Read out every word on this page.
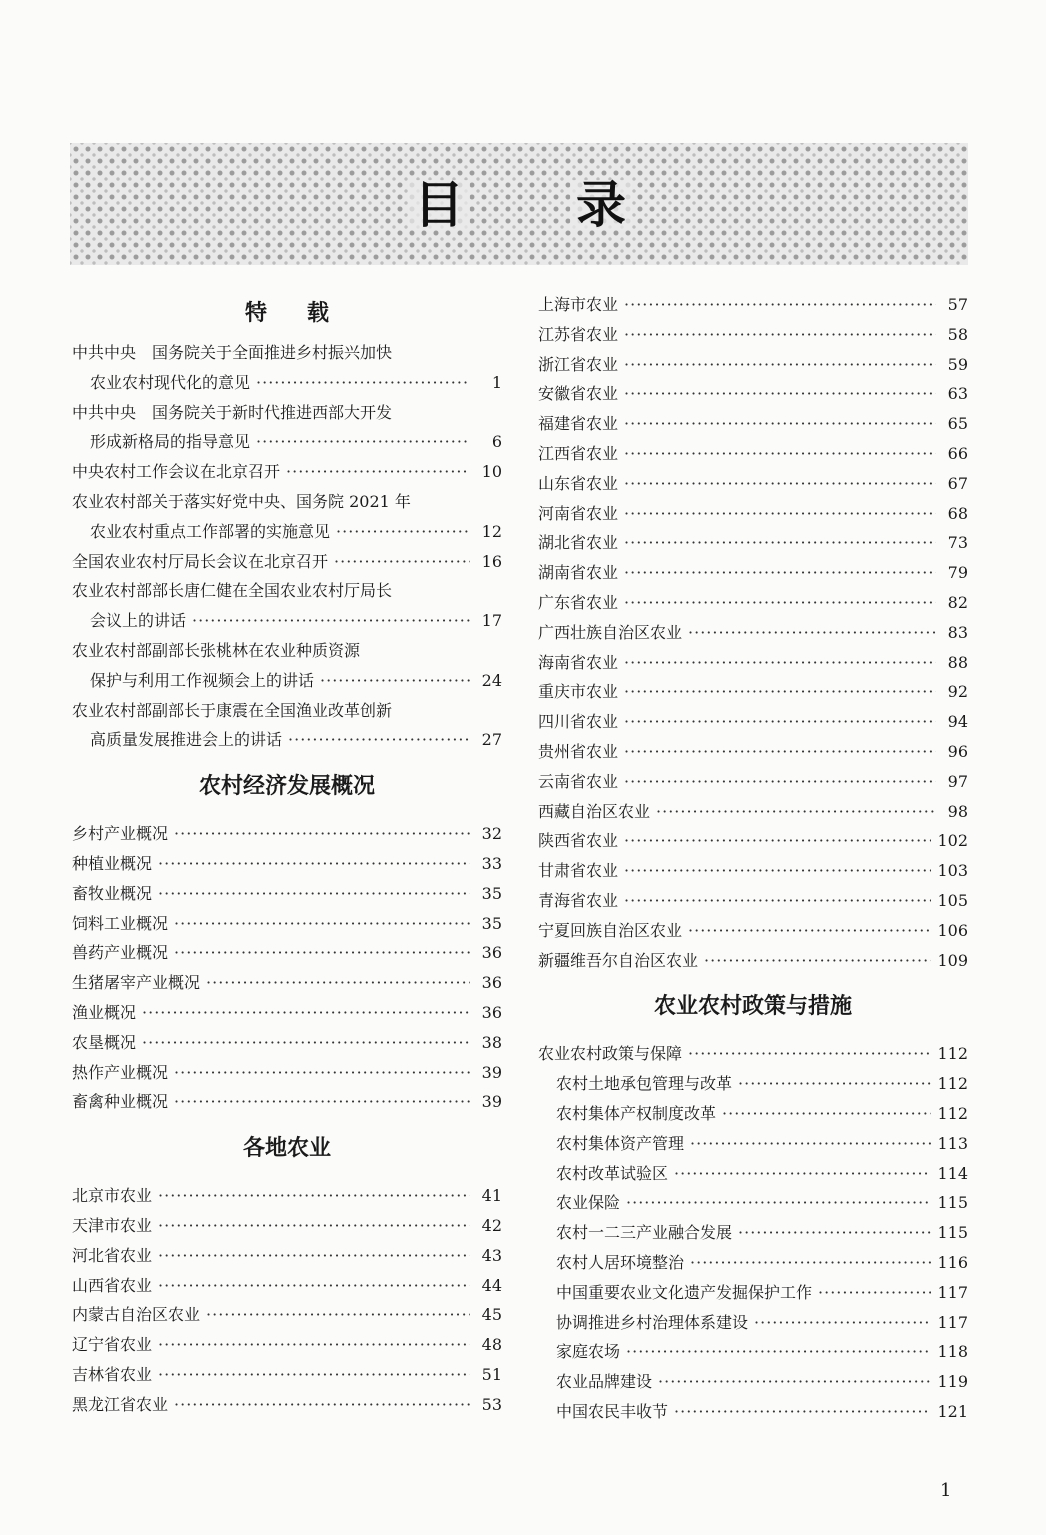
目 录
特载
中共中央　国务院关于全面推进乡村振兴加快
农业农村现代化的意见 ·····	1
中共中央　国务院关于新时代推进西部大开发
形成新格局的指导意见 ·····	6
中央农村工作会议在北京召开 ·····	10
农业农村部关于落实好党中央、国务院 2021 年
农业农村重点工作部署的实施意见 ·····	12
全国农业农村厅局长会议在北京召开 ·····	16
农业农村部部长唐仁健在全国农业农村厅局长
会议上的讲话 ·····	17
农业农村部副部长张桃林在农业种质资源
保护与利用工作视频会上的讲话 ·····	24
农业农村部副部长于康震在全国渔业改革创新
高质量发展推进会上的讲话 ·····	27
农村经济发展概况
乡村产业概况 ·····	32
种植业概况 ·····	33
畜牧业概况 ·····	35
饲料工业概况 ·····	35
兽药产业概况 ·····	36
生猪屠宰产业概况 ·····	36
渔业概况 ·····	36
农垦概况 ·····	38
热作产业概况 ·····	39
畜禽种业概况 ·····	39
各地农业
北京市农业 ·····	41
天津市农业 ·····	42
河北省农业 ·····	43
山西省农业 ·····	44
内蒙古自治区农业 ·····	45
辽宁省农业 ·····	48
吉林省农业 ·····	51
黑龙江省农业 ·····	53
上海市农业 ·····	57
江苏省农业 ·····	58
浙江省农业 ·····	59
安徽省农业 ·····	63
福建省农业 ·····	65
江西省农业 ·····	66
山东省农业 ·····	67
河南省农业 ·····	68
湖北省农业 ·····	73
湖南省农业 ·····	79
广东省农业 ·····	82
广西壮族自治区农业 ·····	83
海南省农业 ·····	88
重庆市农业 ·····	92
四川省农业 ·····	94
贵州省农业 ·····	96
云南省农业 ·····	97
西藏自治区农业 ·····	98
陕西省农业 ·····	102
甘肃省农业 ·····	103
青海省农业 ·····	105
宁夏回族自治区农业 ·····	106
新疆维吾尔自治区农业 ·····	109
农业农村政策与措施
农业农村政策与保障 ·····	112
农村土地承包管理与改革 ·····	112
农村集体产权制度改革 ·····	112
农村集体资产管理 ·····	113
农村改革试验区 ·····	114
农业保险 ·····	115
农村一二三产业融合发展 ·····	115
农村人居环境整治 ·····	116
中国重要农业文化遗产发掘保护工作 ·····	117
协调推进乡村治理体系建设 ·····	117
家庭农场 ·····	118
农业品牌建设 ·····	119
中国农民丰收节 ·····	121
1
